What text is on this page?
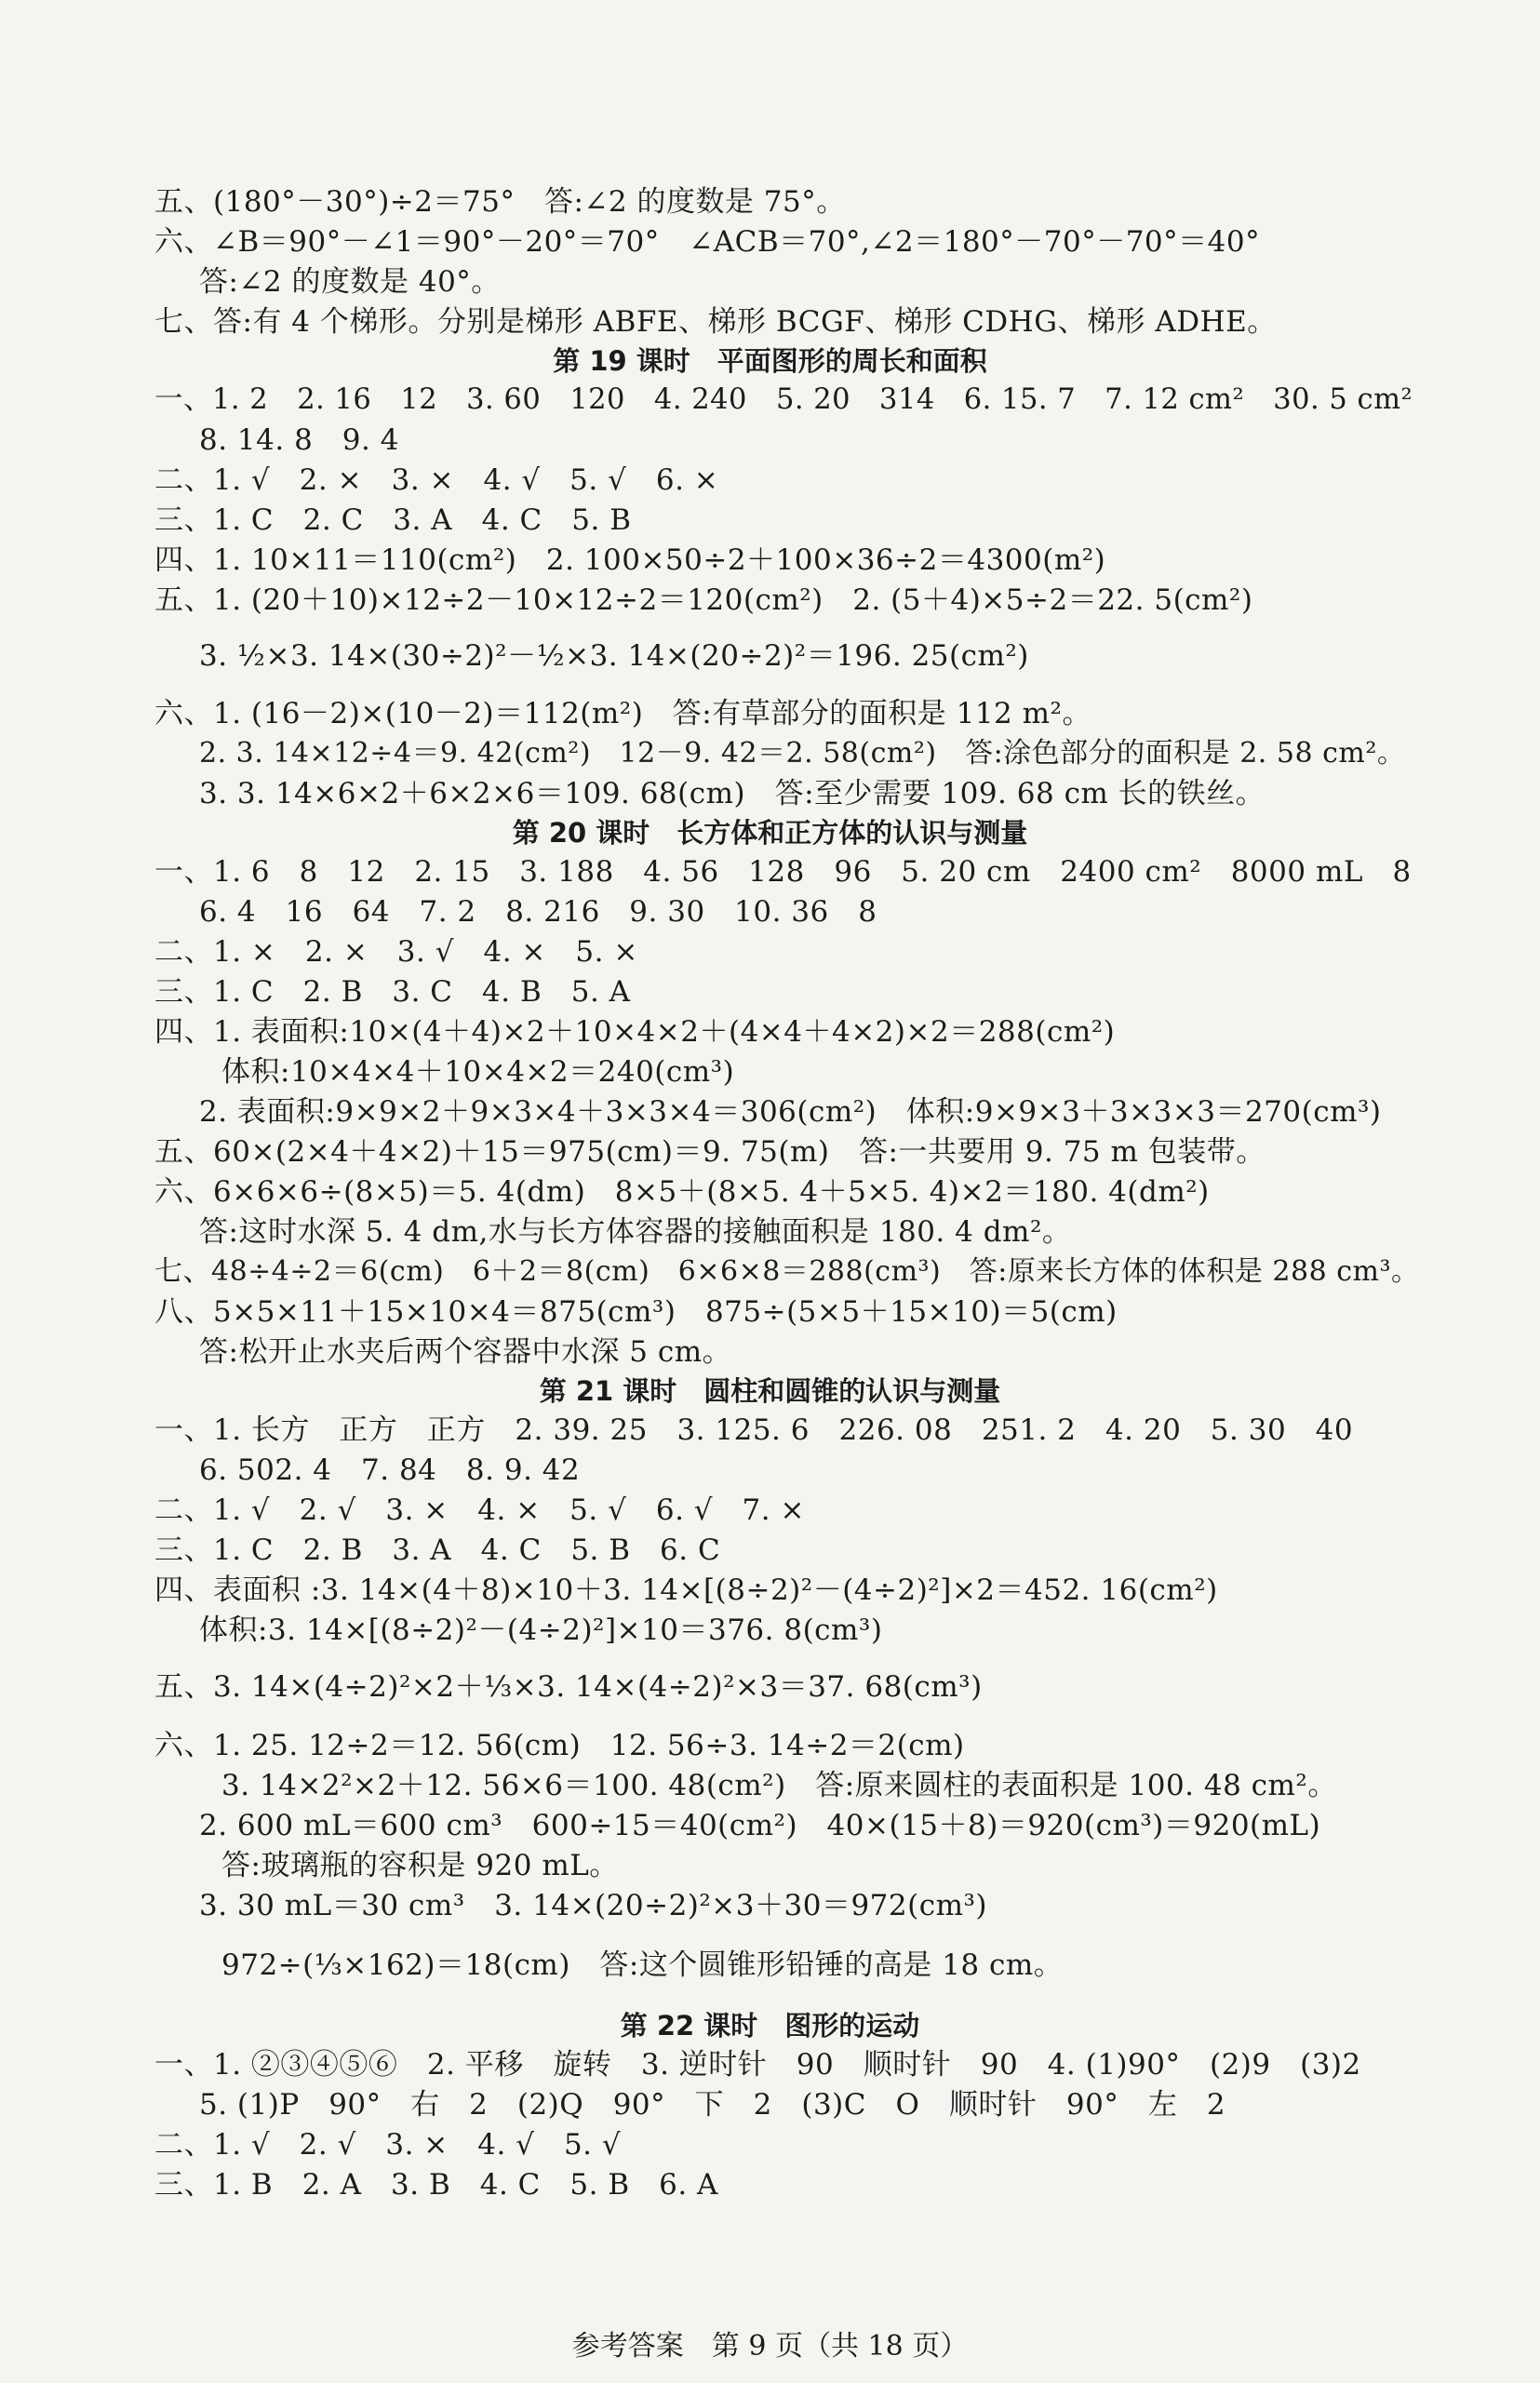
五、(180°－30°)÷2＝75°　答:∠2 的度数是 75°。
六、∠B＝90°－∠1＝90°－20°＝70°　∠ACB＝70°,∠2＝180°－70°－70°＝40°
答:∠2 的度数是 40°。
七、答:有 4 个梯形。分别是梯形 ABFE、梯形 BCGF、梯形 CDHG、梯形 ADHE。
第 19 课时　平面图形的周长和面积
一、1. 2　2. 16　12　3. 60　120　4. 240　5. 20　314　6. 15. 7　7. 12 cm²　30. 5 cm²
8. 14. 8　9. 4
二、1. √　2. ×　3. ×　4. √　5. √　6. ×
三、1. C　2. C　3. A　4. C　5. B
四、1. 10×11＝110(cm²)　2. 100×50÷2＋100×36÷2＝4300(m²)
五、1. (20＋10)×12÷2－10×12÷2＝120(cm²)　2. (5＋4)×5÷2＝22. 5(cm²)
3. ½×3. 14×(30÷2)²－½×3. 14×(20÷2)²＝196. 25(cm²)
六、1. (16－2)×(10－2)＝112(m²)　答:有草部分的面积是 112 m²。
2. 3. 14×12÷4＝9. 42(cm²)　12－9. 42＝2. 58(cm²)　答:涂色部分的面积是 2. 58 cm²。
3. 3. 14×6×2＋6×2×6＝109. 68(cm)　答:至少需要 109. 68 cm 长的铁丝。
第 20 课时　长方体和正方体的认识与测量
一、1. 6　8　12　2. 15　3. 188　4. 56　128　96　5. 20 cm　2400 cm²　8000 mL　8
6. 4　16　64　7. 2　8. 216　9. 30　10. 36　8
二、1. ×　2. ×　3. √　4. ×　5. ×
三、1. C　2. B　3. C　4. B　5. A
四、1. 表面积:10×(4＋4)×2＋10×4×2＋(4×4＋4×2)×2＝288(cm²)
体积:10×4×4＋10×4×2＝240(cm³)
2. 表面积:9×9×2＋9×3×4＋3×3×4＝306(cm²)　体积:9×9×3＋3×3×3＝270(cm³)
五、60×(2×4＋4×2)＋15＝975(cm)＝9. 75(m)　答:一共要用 9. 75 m 包装带。
六、6×6×6÷(8×5)＝5. 4(dm)　8×5＋(8×5. 4＋5×5. 4)×2＝180. 4(dm²)
答:这时水深 5. 4 dm,水与长方体容器的接触面积是 180. 4 dm²。
七、48÷4÷2＝6(cm)　6＋2＝8(cm)　6×6×8＝288(cm³)　答:原来长方体的体积是 288 cm³。
八、5×5×11＋15×10×4＝875(cm³)　875÷(5×5＋15×10)＝5(cm)
答:松开止水夹后两个容器中水深 5 cm。
第 21 课时　圆柱和圆锥的认识与测量
一、1. 长方　正方　正方　2. 39. 25　3. 125. 6　226. 08　251. 2　4. 20　5. 30　40
6. 502. 4　7. 84　8. 9. 42
二、1. √　2. √　3. ×　4. ×　5. √　6. √　7. ×
三、1. C　2. B　3. A　4. C　5. B　6. C
四、表面积 :3. 14×(4＋8)×10＋3. 14×[(8÷2)²－(4÷2)²]×2＝452. 16(cm²)
体积:3. 14×[(8÷2)²－(4÷2)²]×10＝376. 8(cm³)
五、3. 14×(4÷2)²×2＋⅓×3. 14×(4÷2)²×3＝37. 68(cm³)
六、1. 25. 12÷2＝12. 56(cm)　12. 56÷3. 14÷2＝2(cm)
3. 14×2²×2＋12. 56×6＝100. 48(cm²)　答:原来圆柱的表面积是 100. 48 cm²。
2. 600 mL＝600 cm³　600÷15＝40(cm²)　40×(15＋8)＝920(cm³)＝920(mL)
答:玻璃瓶的容积是 920 mL。
3. 30 mL＝30 cm³　3. 14×(20÷2)²×3＋30＝972(cm³)
972÷(⅓×162)＝18(cm)　答:这个圆锥形铅锤的高是 18 cm。
第 22 课时　图形的运动
一、1. ②③④⑤⑥　2. 平移　旋转　3. 逆时针　90　顺时针　90　4. (1)90°　(2)9　(3)2
5. (1)P　90°　右　2　(2)Q　90°　下　2　(3)C　O　顺时针　90°　左　2
二、1. √　2. √　3. ×　4. √　5. √
三、1. B　2. A　3. B　4. C　5. B　6. A
参考答案　第 9 页（共 18 页）
